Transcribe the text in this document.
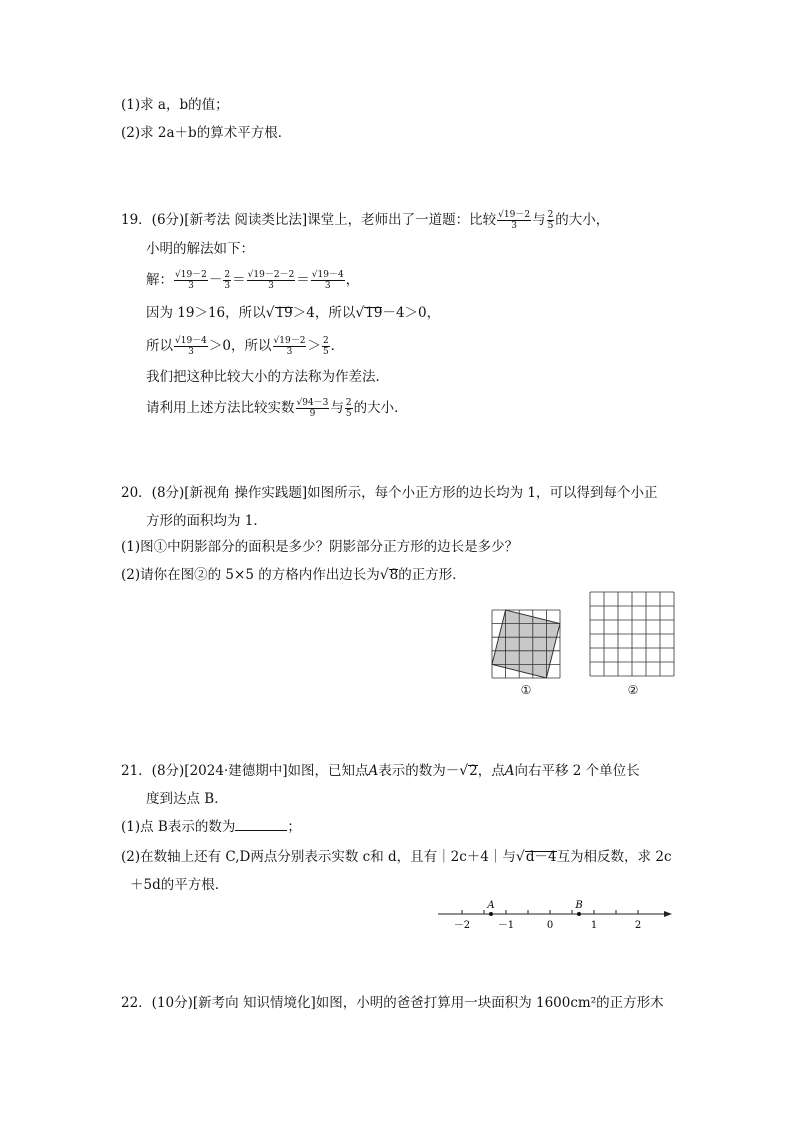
(1)求 a，b的值；
(2)求 2a＋b的算术平方根．
19．(6分)[新考法 阅读类比法]课堂上，老师出了一道题：比较 $\frac{√19-2}{3}$ 与 $\frac{2}{5}$ 的大小，
小明的解法如下：
解： $\frac{√19-2}{3} - \frac{2}{3} = \frac{√19-2-2}{3} = \frac{√19-4}{3}$ ，
因为 19＞16，所以√19＞4，所以√19－4＞0，
所以 $\frac{√19-4}{3} >0$，所以 $\frac{√19-2}{3} > \frac{2}{5}$ ．
我们把这种比较大小的方法称为作差法．
请利用上述方法比较实数 $\frac{√94-3}{9}$ 与 $\frac{2}{5}$ 的大小．
20．(8分)[新视角 操作实践题]如图所示，每个小正方形的边长均为 1，可以得到每个小正
方形的面积均为 1．
(1)图①中阴影部分的面积是多少？阴影部分正方形的边长是多少？
(2)请你在图②的 5×5 的方格内作出边长为√8的正方形．
①	②
21．(8分)[2024·建德期中]如图，已知点A表示的数为－√2，点A向右平移 2 个单位长
度到达点 B．
(1)点 B表示的数为	；
(2)在数轴上还有 C,D两点分别表示实数 c和 d，且有｜2c＋4｜与√d－4互为相反数，求 2c
＋5d的平方根．
A	B
－2	－1	0	1	2
22．(10分)[新考向 知识情境化]如图，小明的爸爸打算用一块面积为 1600cm²的正方形木
